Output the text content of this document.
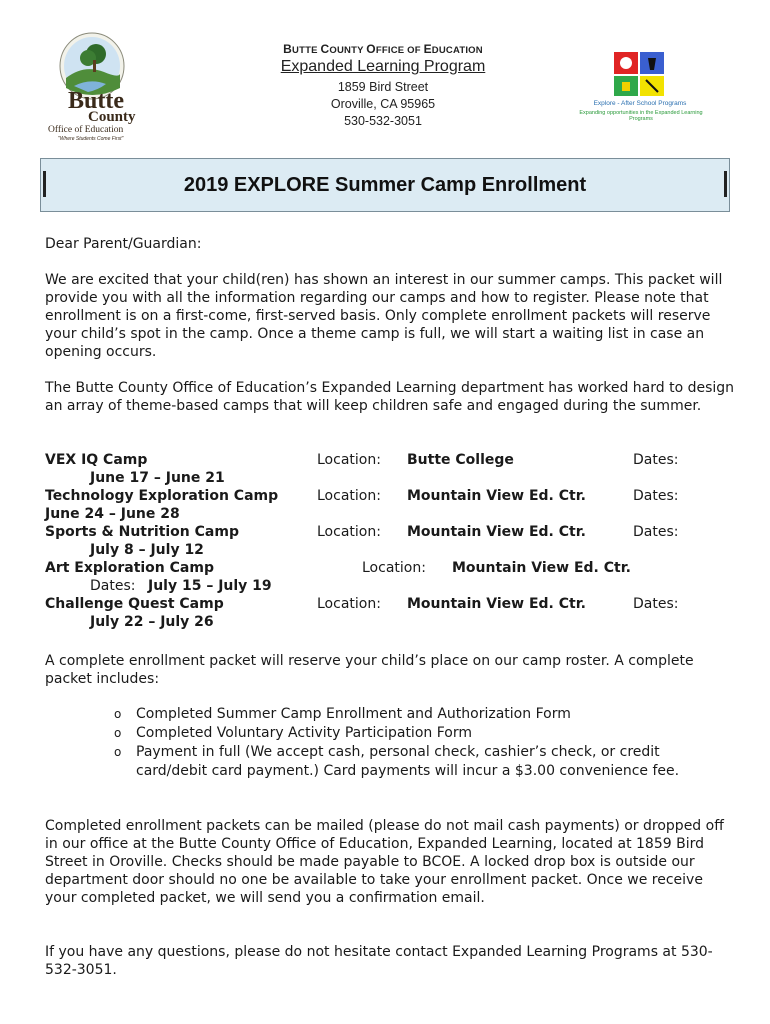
Butte
County
Office of Education
"Where Students Come First"
BUTTE COUNTY OFFICE OF EDUCATION
Expanded Learning Program
1859 Bird Street
Oroville, CA 95965
530-532-3051
Explore - After School Programs
Expanding opportunities in the Expanded Learning Programs
2019 EXPLORE Summer Camp Enrollment
Dear Parent/Guardian:
We are excited that your child(ren) has shown an interest in our summer camps. This packet will provide you with all the information regarding our camps and how to register. Please note that enrollment is on a first-come, first-served basis. Only complete enrollment packets will reserve your child’s spot in the camp. Once a theme camp is full, we will start a waiting list in case an opening occurs.
The Butte County Office of Education’s Expanded Learning department has worked hard to design an array of theme-based camps that will keep children safe and engaged during the summer.
VEX IQ Camp	Location: Butte College	Dates:
June 17 – June 21
Technology Exploration Camp	Location: Mountain View Ed. Ctr.	Dates:
June 24 – June 28
Sports & Nutrition Camp	Location: Mountain View Ed. Ctr.	Dates:
July 8 – July 12
Art Exploration Camp	Location: Mountain View Ed. Ctr.
Dates: July 15 – July 19
Challenge Quest Camp	Location: Mountain View Ed. Ctr.	Dates:
July 22 – July 26
A complete enrollment packet will reserve your child’s place on our camp roster. A complete packet includes:
o Completed Summer Camp Enrollment and Authorization Form
o Completed Voluntary Activity Participation Form
o Payment in full (We accept cash, personal check, cashier’s check, or credit card/debit card payment.) Card payments will incur a $3.00 convenience fee.
Completed enrollment packets can be mailed (please do not mail cash payments) or dropped off in our office at the Butte County Office of Education, Expanded Learning, located at 1859 Bird Street in Oroville. Checks should be made payable to BCOE. A locked drop box is outside our department door should no one be available to take your enrollment packet. Once we receive your completed packet, we will send you a confirmation email.
If you have any questions, please do not hesitate contact Expanded Learning Programs at 530-532-3051.
